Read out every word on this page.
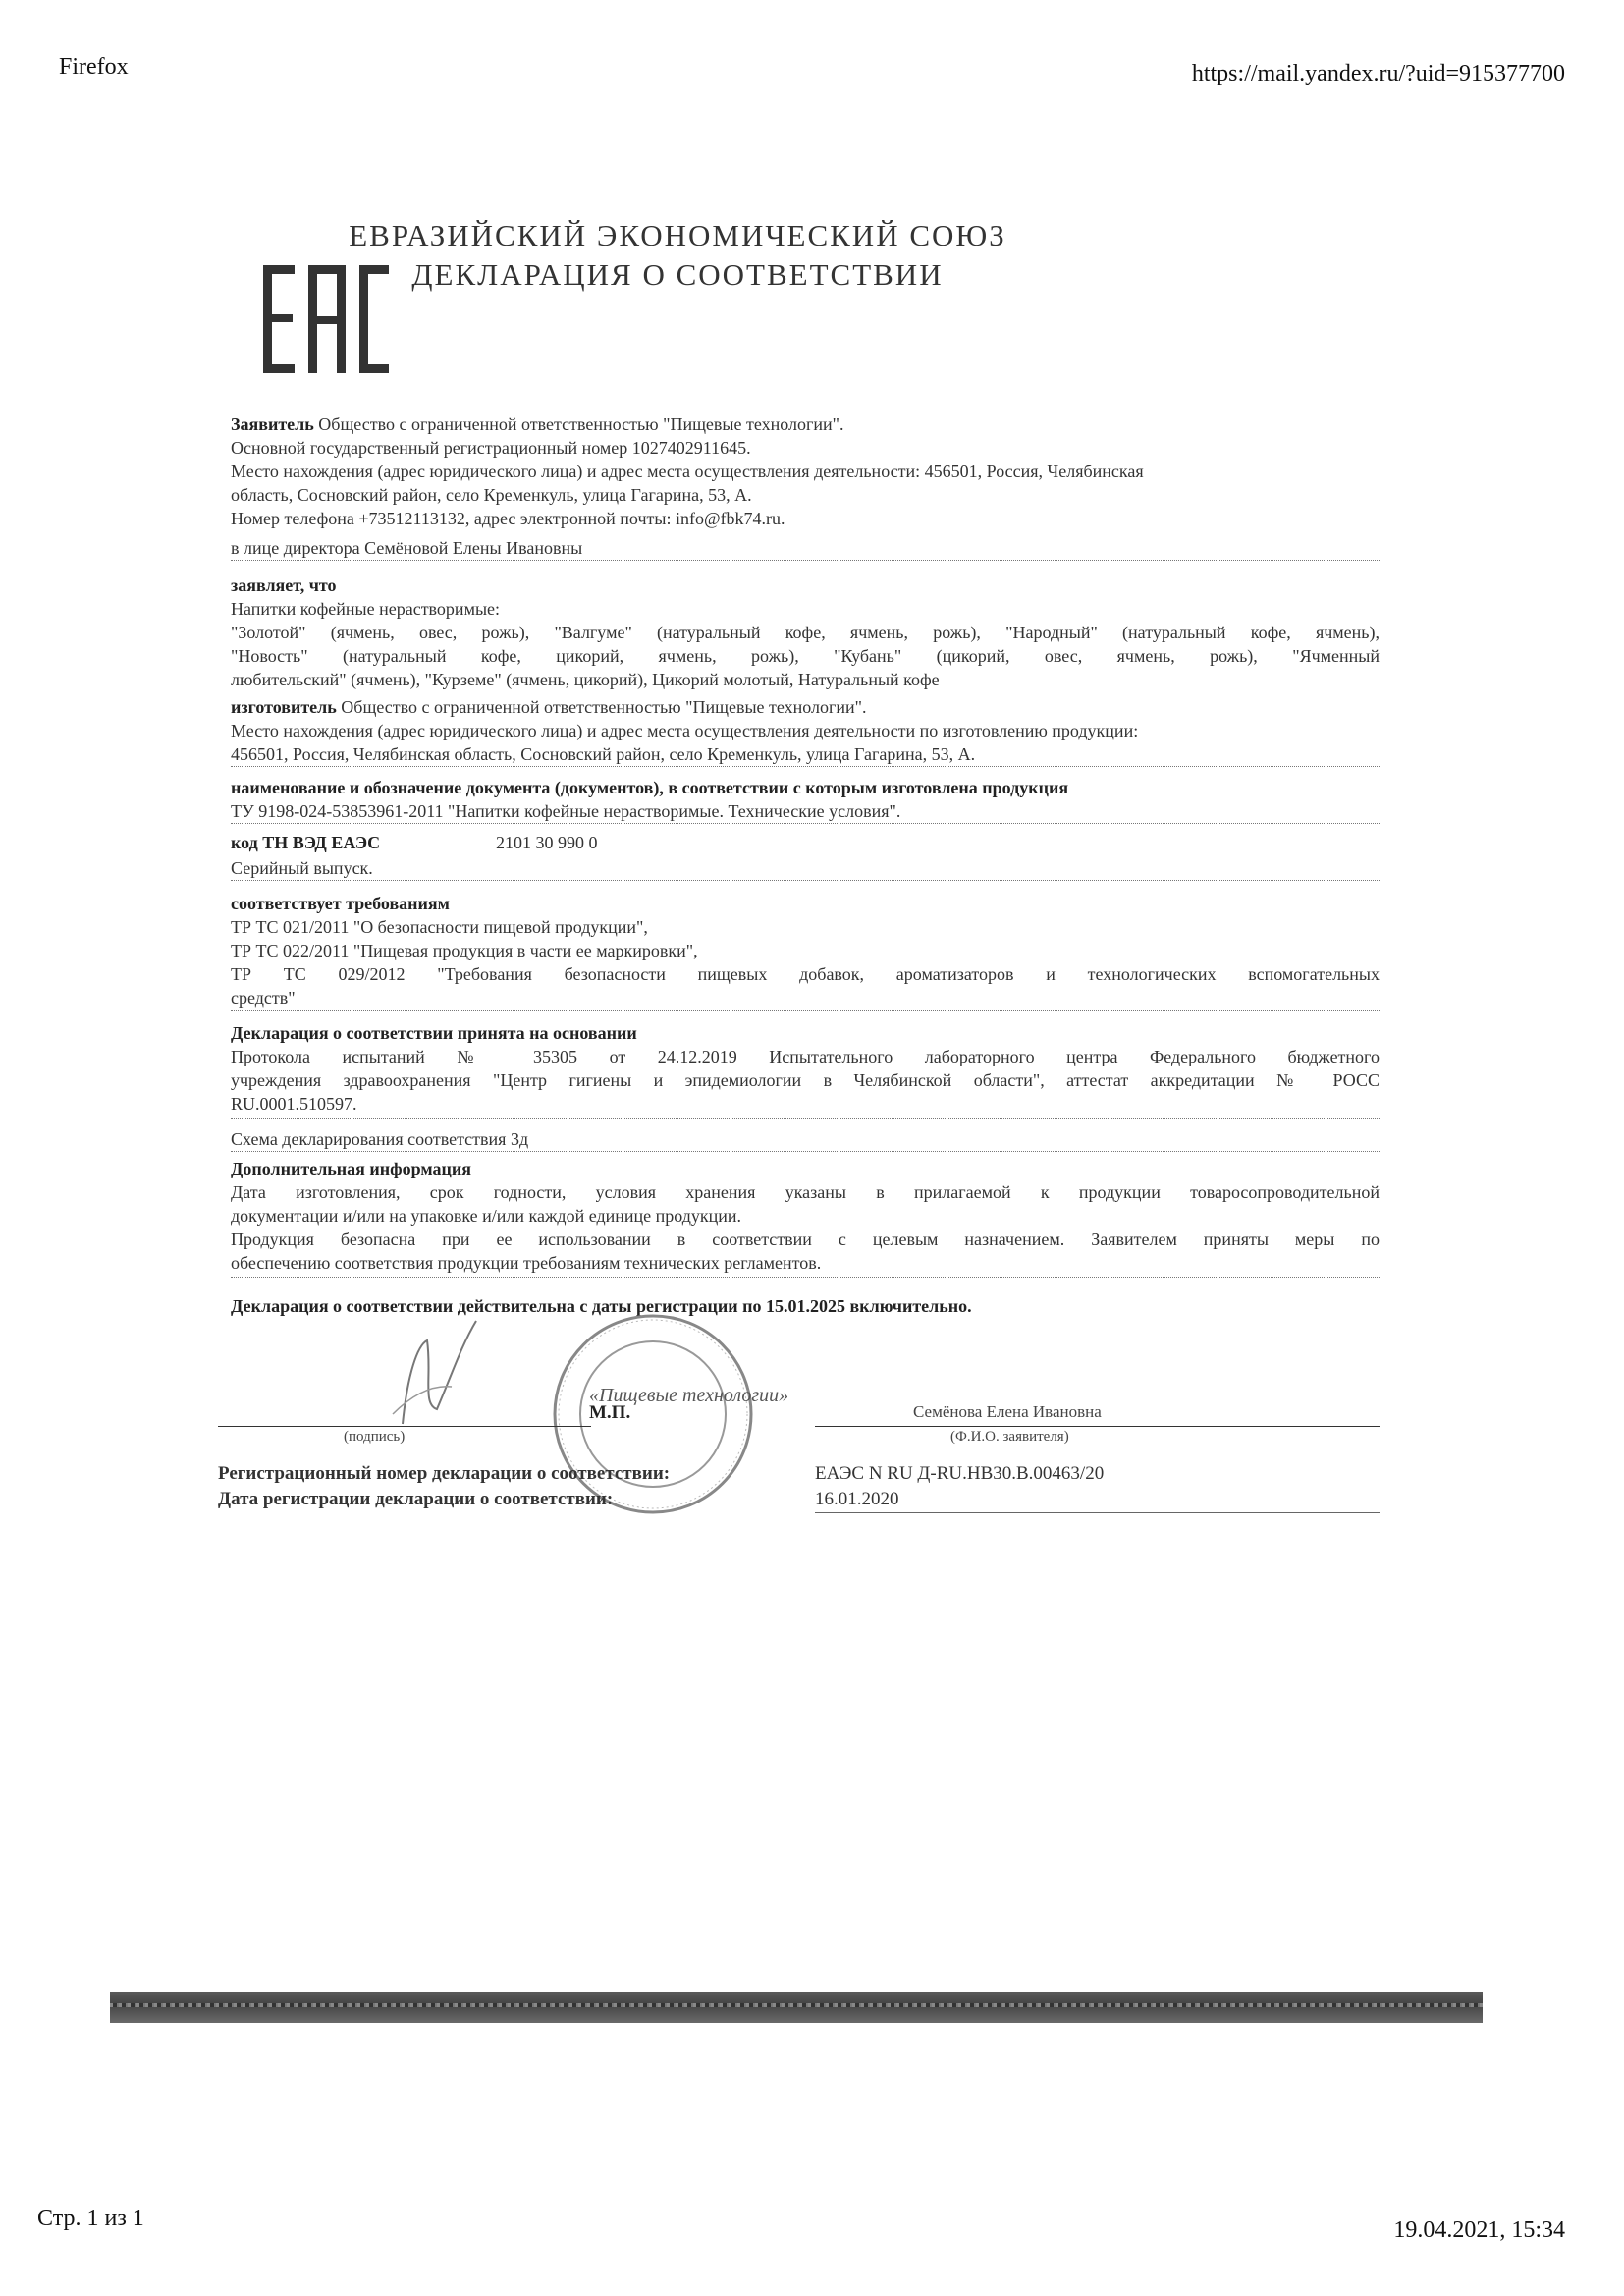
Firefox	https://mail.yandex.ru/?uid=915377700
Стр. 1 из 1	19.04.2021, 15:34
ЕВРАЗИЙСКИЙ ЭКОНОМИЧЕСКИЙ СОЮЗ
ДЕКЛАРАЦИЯ О СООТВЕТСТВИИ
Заявитель Общество с ограниченной ответственностью "Пищевые технологии".
Основной государственный регистрационный номер 1027402911645.
Место нахождения (адрес юридического лица) и адрес места осуществления деятельности: 456501, Россия, Челябинская
область, Сосновский район, село Кременкуль, улица Гагарина, 53, А.
Номер телефона +73512113132, адрес электронной почты: info@fbk74.ru.
в лице директора Семёновой Елены Ивановны
заявляет, что
Напитки кофейные нерастворимые:
"Золотой" (ячмень, овес, рожь), "Валгуме" (натуральный кофе, ячмень, рожь), "Народный" (натуральный кофе, ячмень),
"Новость" (натуральный кофе, цикорий, ячмень, рожь), "Кубань" (цикорий, овес, ячмень, рожь), "Ячменный
любительский" (ячмень), "Курземе" (ячмень, цикорий), Цикорий молотый, Натуральный кофе
изготовитель Общество с ограниченной ответственностью "Пищевые технологии".
Место нахождения (адрес юридического лица) и адрес места осуществления деятельности по изготовлению продукции:
456501, Россия, Челябинская область, Сосновский район, село Кременкуль, улица Гагарина, 53, А.
наименование и обозначение документа (документов), в соответствии с которым изготовлена продукция
ТУ 9198-024-53853961-2011 "Напитки кофейные нерастворимые. Технические условия".
код ТН ВЭД ЕАЭС	2101 30 990 0
Серийный выпуск.
соответствует требованиям
ТР ТС 021/2011 "О безопасности пищевой продукции",
ТР ТС 022/2011 "Пищевая продукция в части ее маркировки",
ТР ТС 029/2012 "Требования безопасности пищевых добавок, ароматизаторов и технологических вспомогательных
средств"
Декларация о соответствии принята на основании
Протокола испытаний № 35305 от 24.12.2019 Испытательного лабораторного центра Федерального бюджетного
учреждения здравоохранения "Центр гигиены и эпидемиологии в Челябинской области", аттестат аккредитации № РОСС
RU.0001.510597.
Схема декларирования соответствия 3д
Дополнительная информация
Дата изготовления, срок годности, условия хранения указаны в прилагаемой к продукции товаросопроводительной
документации и/или на упаковке и/или каждой единице продукции.
Продукция безопасна при ее использовании в соответствии с целевым назначением. Заявителем приняты меры по
обеспечению соответствия продукции требованиям технических регламентов.
Декларация о соответствии действительна с даты регистрации по 15.01.2025 включительно.
«Пищевые технологии»
М.П.	Семёнова Елена Ивановна
(подпись)	(Ф.И.О. заявителя)
Регистрационный номер декларации о соответствии:	ЕАЭС N RU Д-RU.НВ30.В.00463/20
Дата регистрации декларации о соответствии:	16.01.2020
